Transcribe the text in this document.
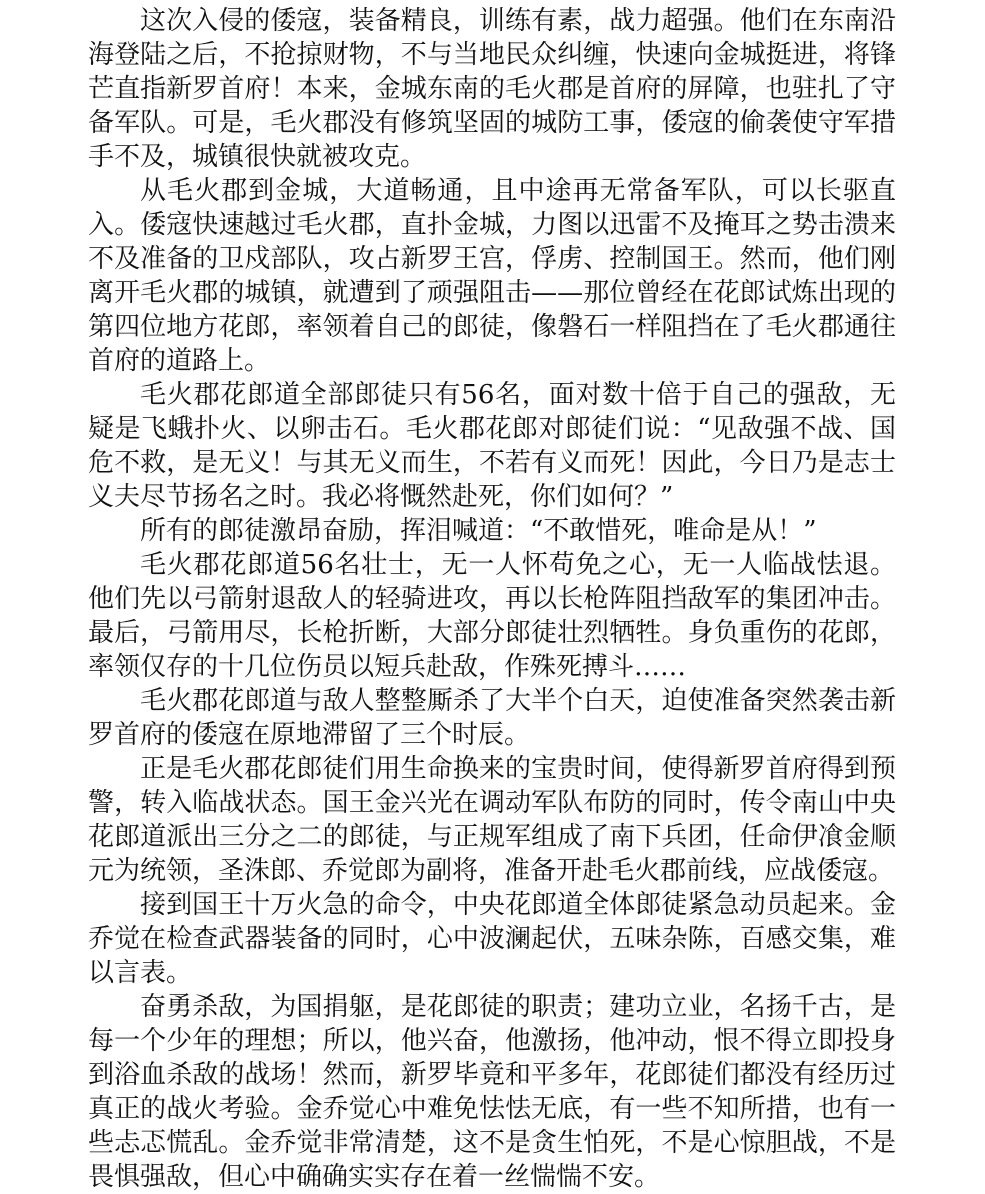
这次入侵的倭寇，装备精良，训练有素，战力超强。他们在东南沿海登陆之后，不抢掠财物，不与当地民众纠缠，快速向金城挺进，将锋芒直指新罗首府！本来，金城东南的毛火郡是首府的屏障，也驻扎了守备军队。可是，毛火郡没有修筑坚固的城防工事，倭寇的偷袭使守军措手不及，城镇很快就被攻克。

从毛火郡到金城，大道畅通，且中途再无常备军队，可以长驱直入。倭寇快速越过毛火郡，直扑金城，力图以迅雷不及掩耳之势击溃来不及准备的卫戍部队，攻占新罗王宫，俘虏、控制国王。然而，他们刚离开毛火郡的城镇，就遭到了顽强阻击——那位曾经在花郎试炼出现的第四位地方花郎，率领着自己的郎徒，像磐石一样阻挡在了毛火郡通往首府的道路上。

毛火郡花郎道全部郎徒只有56名，面对数十倍于自己的强敌，无疑是飞蛾扑火、以卵击石。毛火郡花郎对郎徒们说：“见敌强不战、国危不救，是无义！与其无义而生，不若有义而死！因此，今日乃是志士义夫尽节扬名之时。我必将慨然赴死，你们如何？”

所有的郎徒激昂奋励，挥泪喊道：“不敢惜死，唯命是从！”

毛火郡花郎道56名壮士，无一人怀苟免之心，无一人临战怯退。他们先以弓箭射退敌人的轻骑进攻，再以长枪阵阻挡敌军的集团冲击。最后，弓箭用尽，长枪折断，大部分郎徒壮烈牺牲。身负重伤的花郎，率领仅存的十几位伤员以短兵赴敌，作殊死搏斗……

毛火郡花郎道与敌人整整厮杀了大半个白天，迫使准备突然袭击新罗首府的倭寇在原地滞留了三个时辰。

正是毛火郡花郎徒们用生命换来的宝贵时间，使得新罗首府得到预警，转入临战状态。国王金兴光在调动军队布防的同时，传令南山中央花郎道派出三分之二的郎徒，与正规军组成了南下兵团，任命伊飡金顺元为统领，圣洙郎、乔觉郎为副将，准备开赴毛火郡前线，应战倭寇。

接到国王十万火急的命令，中央花郎道全体郎徒紧急动员起来。金乔觉在检查武器装备的同时，心中波澜起伏，五味杂陈，百感交集，难以言表。

奋勇杀敌，为国捐躯，是花郎徒的职责；建功立业，名扬千古，是每一个少年的理想；所以，他兴奋，他激扬，他冲动，恨不得立即投身到浴血杀敌的战场！然而，新罗毕竟和平多年，花郎徒们都没有经历过真正的战火考验。金乔觉心中难免怯怯无底，有一些不知所措，也有一些忐忑慌乱。金乔觉非常清楚，这不是贪生怕死，不是心惊胆战，不是畏惧强敌，但心中确确实实存在着一丝惴惴不安。
